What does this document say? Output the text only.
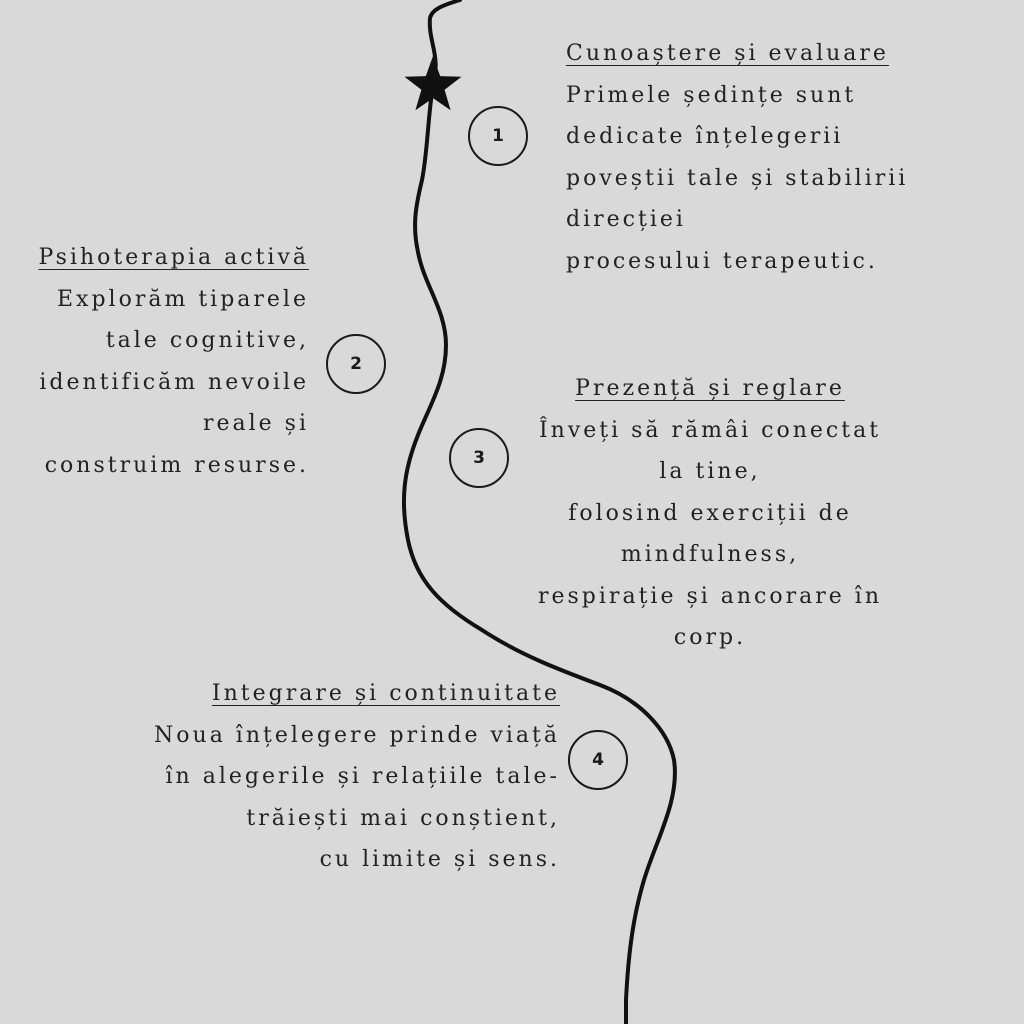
1
2
3
4
Cunoaștere și evaluare
Primele ședințe sunt
dedicate înțelegerii
poveștii tale și stabilirii
direcției
procesului terapeutic.
Psihoterapia activă
Explorăm tiparele
tale cognitive,
identificăm nevoile
reale și
construim resurse.
Prezență și reglare
Înveți să rămâi conectat
la tine,
folosind exerciții de
mindfulness,
respirație și ancorare în
corp.
Integrare și continuitate
Noua înțelegere prinde viață
în alegerile și relațiile tale-
trăiești mai conștient,
cu limite și sens.
